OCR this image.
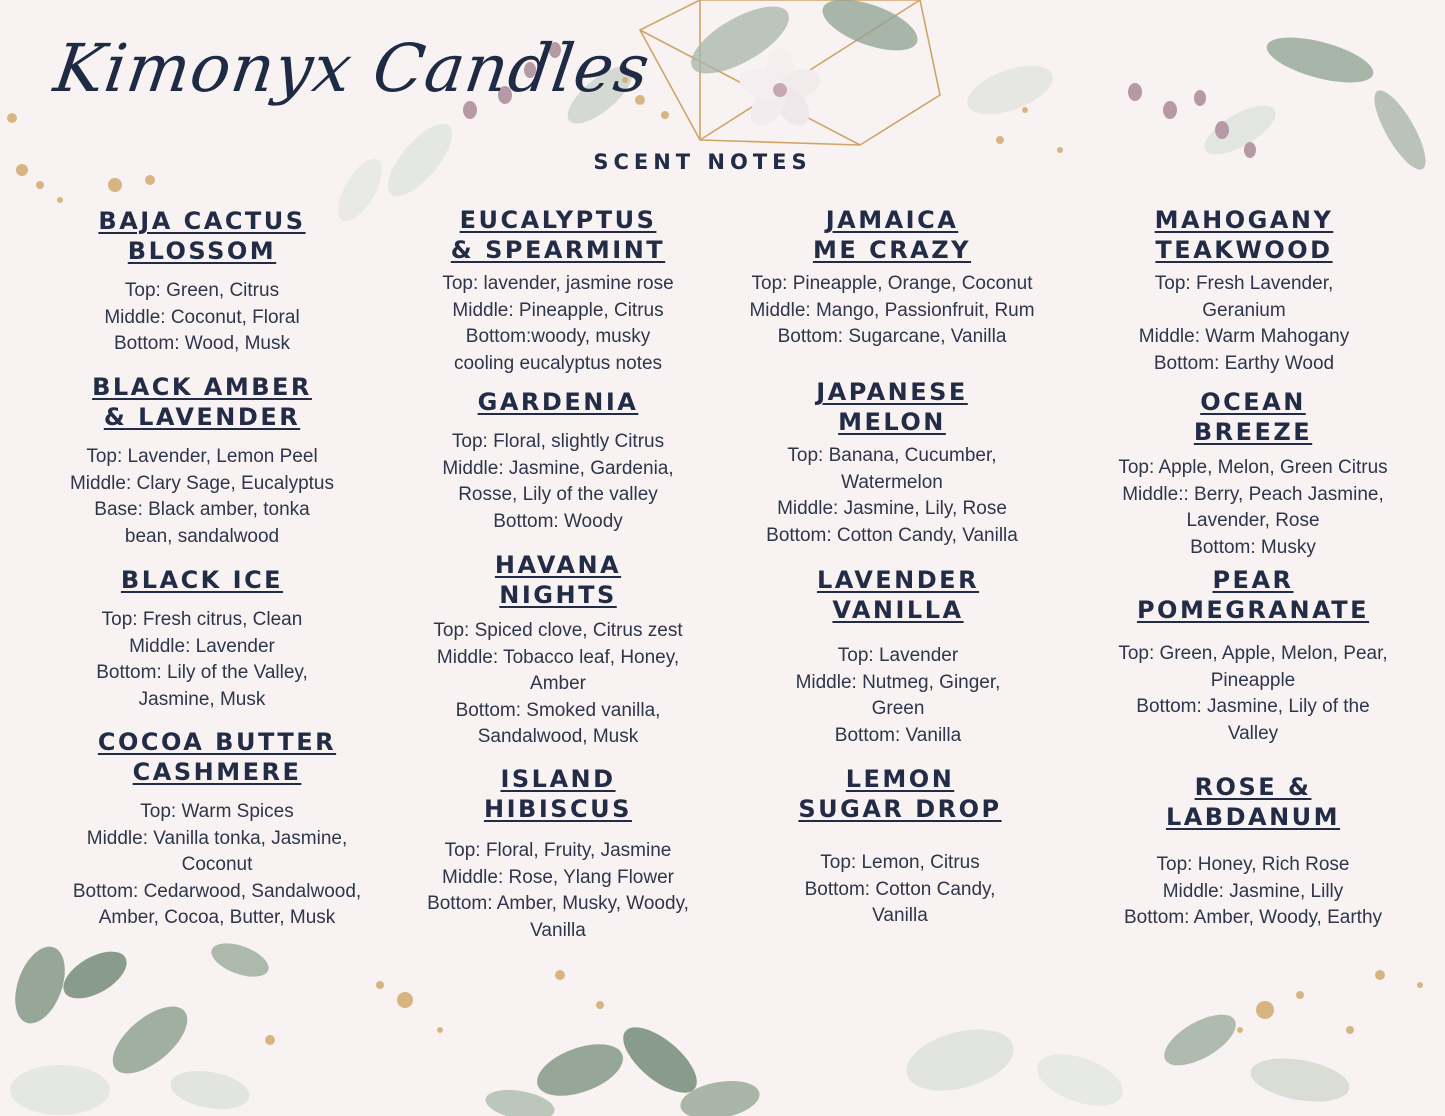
Kimonyx Candles
SCENT NOTES
BAJA CACTUS
BLOSSOM
Top: Green, Citrus
Middle: Coconut, Floral
Bottom: Wood, Musk
BLACK AMBER
& LAVENDER
Top: Lavender, Lemon Peel
Middle: Clary Sage, Eucalyptus
Base: Black amber, tonka
bean, sandalwood
BLACK ICE
Top: Fresh citrus, Clean
Middle: Lavender
Bottom: Lily of the Valley,
Jasmine, Musk
COCOA BUTTER
CASHMERE
Top: Warm Spices
Middle: Vanilla tonka, Jasmine,
Coconut
Bottom: Cedarwood, Sandalwood,
Amber, Cocoa, Butter, Musk
EUCALYPTUS
& SPEARMINT
Top: lavender, jasmine rose
Middle: Pineapple, Citrus
Bottom:woody, musky
cooling eucalyptus notes
GARDENIA
Top: Floral, slightly Citrus
Middle: Jasmine, Gardenia,
Rosse, Lily of the valley
Bottom: Woody
HAVANA
NIGHTS
Top: Spiced clove, Citrus zest
Middle: Tobacco leaf, Honey,
Amber
Bottom: Smoked vanilla,
Sandalwood, Musk
ISLAND
HIBISCUS
Top: Floral, Fruity, Jasmine
Middle: Rose, Ylang Flower
Bottom: Amber, Musky, Woody,
Vanilla
JAMAICA
ME CRAZY
Top: Pineapple, Orange, Coconut
Middle: Mango, Passionfruit, Rum
Bottom: Sugarcane, Vanilla
JAPANESE
MELON
Top: Banana, Cucumber,
Watermelon
Middle: Jasmine, Lily, Rose
Bottom: Cotton Candy, Vanilla
LAVENDER
VANILLA
Top: Lavender
Middle: Nutmeg, Ginger,
Green
Bottom: Vanilla
LEMON
SUGAR DROP
Top: Lemon, Citrus
Bottom: Cotton Candy,
Vanilla
MAHOGANY
TEAKWOOD
Top: Fresh Lavender,
Geranium
Middle: Warm Mahogany
Bottom: Earthy Wood
OCEAN
BREEZE
Top: Apple, Melon, Green Citrus
Middle:: Berry, Peach Jasmine,
Lavender, Rose
Bottom: Musky
PEAR
POMEGRANATE
Top: Green, Apple, Melon, Pear,
Pineapple
Bottom: Jasmine, Lily of the
Valley
ROSE &
LABDANUM
Top: Honey, Rich Rose
Middle: Jasmine, Lilly
Bottom: Amber, Woody, Earthy
